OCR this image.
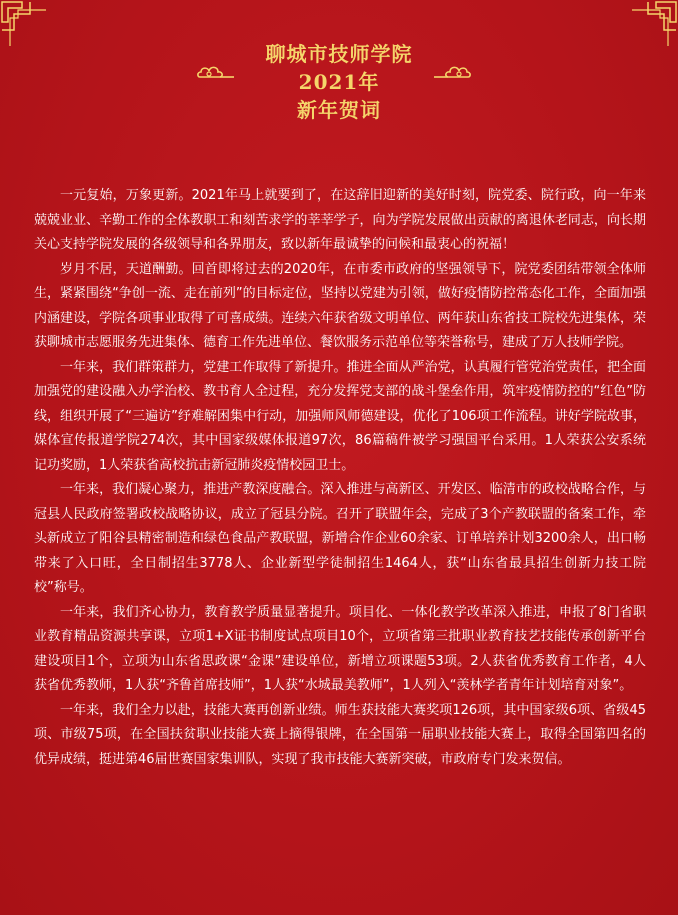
聊城市技师学院
2021年
新年贺词

一元复始，万象更新。2021年马上就要到了，在这辞旧迎新的美好时刻，院党委、院行政，向一年来兢兢业业、辛勤工作的全体教职工和刻苦求学的莘莘学子，向为学院发展做出贡献的离退休老同志，向长期关心支持学院发展的各级领导和各界朋友，致以新年最诚挚的问候和最衷心的祝福！

岁月不居，天道酬勤。回首即将过去的2020年，在市委市政府的坚强领导下，院党委团结带领全体师生，紧紧围绕“争创一流、走在前列”的目标定位，坚持以党建为引领，做好疫情防控常态化工作，全面加强内涵建设，学院各项事业取得了可喜成绩。连续六年获省级文明单位、两年获山东省技工院校先进集体，荣获聊城市志愿服务先进集体、德育工作先进单位、餐饮服务示范单位等荣誉称号，建成了万人技师学院。

一年来，我们群策群力，党建工作取得了新提升。推进全面从严治党，认真履行管党治党责任，把全面加强党的建设融入办学治校、教书育人全过程，充分发挥党支部的战斗堡垒作用，筑牢疫情防控的“红色”防线，组织开展了“三遍访”纾难解困集中行动，加强师风师德建设，优化了106项工作流程。讲好学院故事，媒体宣传报道学院274次，其中国家级媒体报道97次，86篇稿件被学习强国平台采用。1人荣获公安系统记功奖励，1人荣获省高校抗击新冠肺炎疫情校园卫士。

一年来，我们凝心聚力，推进产教深度融合。深入推进与高新区、开发区、临清市的政校战略合作，与冠县人民政府签署政校战略协议，成立了冠县分院。召开了联盟年会，完成了3个产教联盟的备案工作，牵头新成立了阳谷县精密制造和绿色食品产教联盟，新增合作企业60余家、订单培养计划3200余人，出口畅带来了入口旺，全日制招生3778人、企业新型学徒制招生1464人，获“山东省最具招生创新力技工院校”称号。

一年来，我们齐心协力，教育教学质量显著提升。项目化、一体化教学改革深入推进，申报了8门省职业教育精品资源共享课，立项1+X证书制度试点项目10个，立项省第三批职业教育技艺技能传承创新平台建设项目1个，立项为山东省思政课“金课”建设单位，新增立项课题53项。2人获省优秀教育工作者，4人获省优秀教师，1人获“齐鲁首席技师”，1人获“水城最美教师”，1人列入“羡林学者青年计划培育对象”。

一年来，我们全力以赴，技能大赛再创新业绩。师生获技能大赛奖项126项，其中国家级6项、省级45项、市级75项，在全国扶贫职业技能大赛上摘得银牌，在全国第一届职业技能大赛上，取得全国第四名的优异成绩，挺进第46届世赛国家集训队，实现了我市技能大赛新突破，市政府专门发来贺信。
